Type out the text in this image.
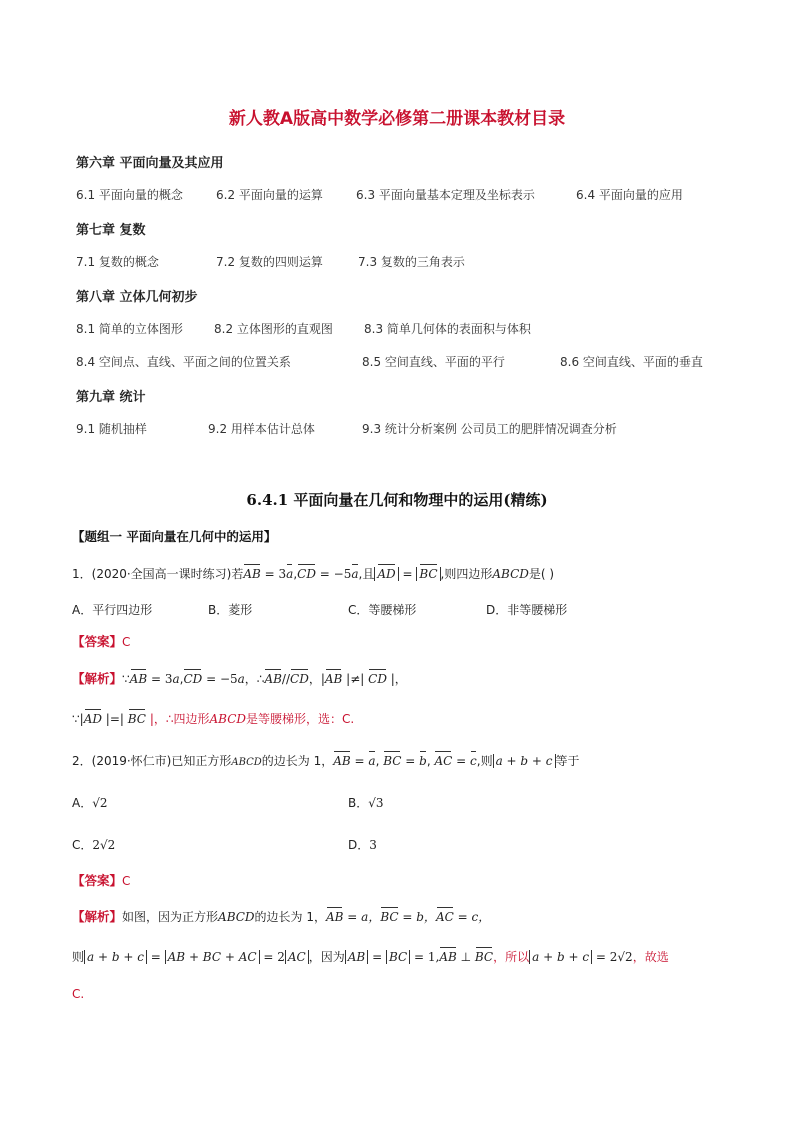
新人教A版高中数学必修第二册课本教材目录
第六章 平面向量及其应用
6.1 平面向量的概念	6.2 平面向量的运算	6.3 平面向量基本定理及坐标表示	6.4 平面向量的应用
第七章 复数
7.1 复数的概念	7.2 复数的四则运算	7.3 复数的三角表示
第八章 立体几何初步
8.1 简单的立体图形	8.2 立体图形的直观图	8.3 简单几何体的表面积与体积
8.4 空间点、直线、平面之间的位置关系	8.5 空间直线、平面的平行	8.6 空间直线、平面的垂直
第九章 统计
9.1 随机抽样	9.2 用样本估计总体	9.3 统计分析案例 公司员工的肥胖情况调查分析
6.4.1 平面向量在几何和物理中的运用(精练)
【题组一 平面向量在几何中的运用】
1．(2020·全国高一课时练习)若AB = 3a,CD = −5a,且 AD = BC ,则四边形ABCD是( )
A．平行四边形	B．菱形	C．等腰梯形	D．非等腰梯形
【答案】C
【解析】∵AB = 3a,CD = −5a，∴AB//CD，|AB |≠| CD |，
∵|AD |=| BC |，∴四边形ABCD是等腰梯形，选：C.
2．(2019·怀仁市)已知正方形ABCD的边长为 1，AB = a, BC = b, AC = c,则 a + b + c 等于
A．√2	B．√3
C．2√2	D．3
【答案】C
【解析】如图，因为正方形ABCD的边长为 1，AB = a，BC = b，AC = c，
则 a + b + c = AB + BC + AC = 2 AC ，因为 AB = BC = 1,AB ⊥ BC，所以 a + b + c = 2√2，故选
C.
